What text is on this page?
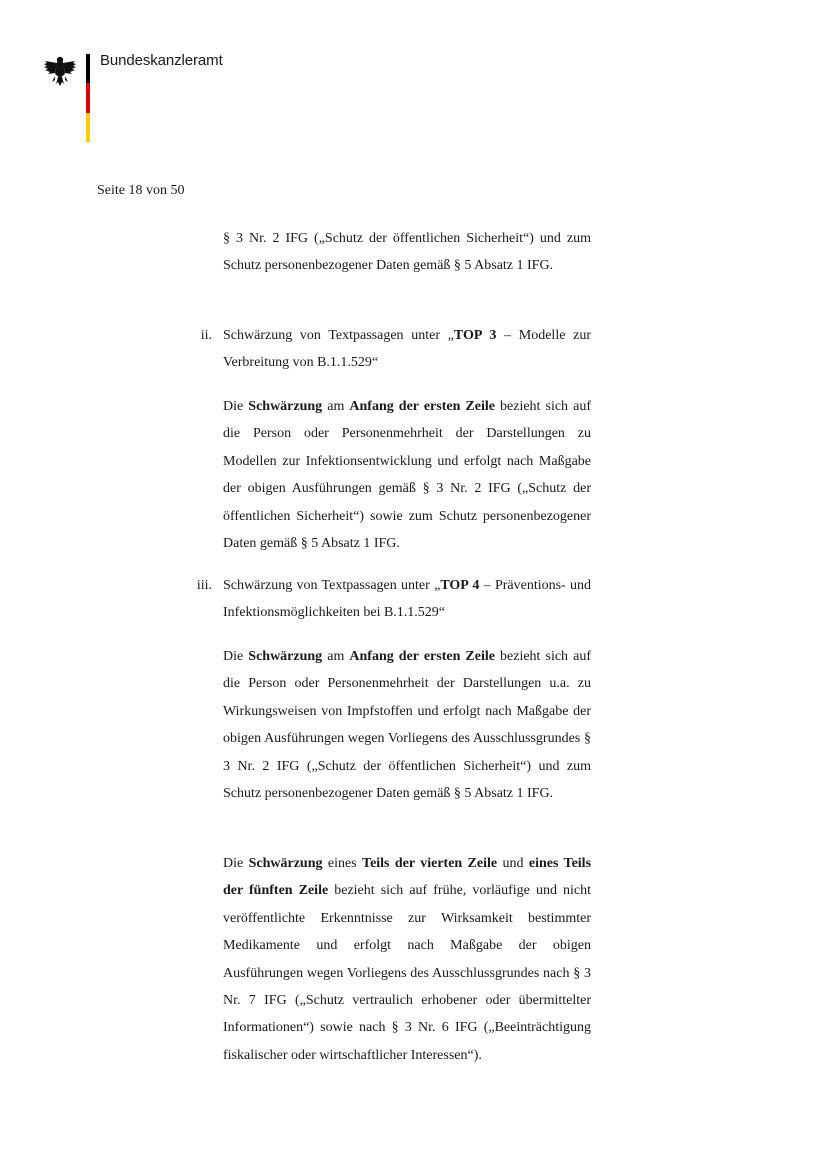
Bundeskanzleramt
Seite 18 von 50

§ 3 Nr. 2 IFG („Schutz der öffentlichen Sicherheit“) und zum Schutz personenbezogener Daten gemäß § 5 Absatz 1 IFG.

ii. Schwärzung von Textpassagen unter „TOP 3 – Modelle zur Verbreitung von B.1.1.529“

Die Schwärzung am Anfang der ersten Zeile bezieht sich auf die Person oder Personenmehrheit der Darstellungen zu Modellen zur Infektionsentwicklung und erfolgt nach Maßgabe der obigen Ausführungen gemäß § 3 Nr. 2 IFG („Schutz der öffentlichen Sicherheit“) sowie zum Schutz personenbezogener Daten gemäß § 5 Absatz 1 IFG.

iii. Schwärzung von Textpassagen unter „TOP 4 – Präventions- und Infektionsmöglichkeiten bei B.1.1.529“

Die Schwärzung am Anfang der ersten Zeile bezieht sich auf die Person oder Personenmehrheit der Darstellungen u.a. zu Wirkungsweisen von Impfstoffen und erfolgt nach Maßgabe der obigen Ausführungen wegen Vorliegens des Ausschlussgrundes § 3 Nr. 2 IFG („Schutz der öffentlichen Sicherheit“) und zum Schutz personenbezogener Daten gemäß § 5 Absatz 1 IFG.

Die Schwärzung eines Teils der vierten Zeile und eines Teils der fünften Zeile bezieht sich auf frühe, vorläufige und nicht veröffentlichte Erkenntnisse zur Wirksamkeit bestimmter Medikamente und erfolgt nach Maßgabe der obigen Ausführungen wegen Vorliegens des Ausschlussgrundes nach § 3 Nr. 7 IFG („Schutz vertraulich erhobener oder übermittelter Informationen“) sowie nach § 3 Nr. 6 IFG („Beeinträchtigung fiskalischer oder wirtschaftlicher Interessen“).
